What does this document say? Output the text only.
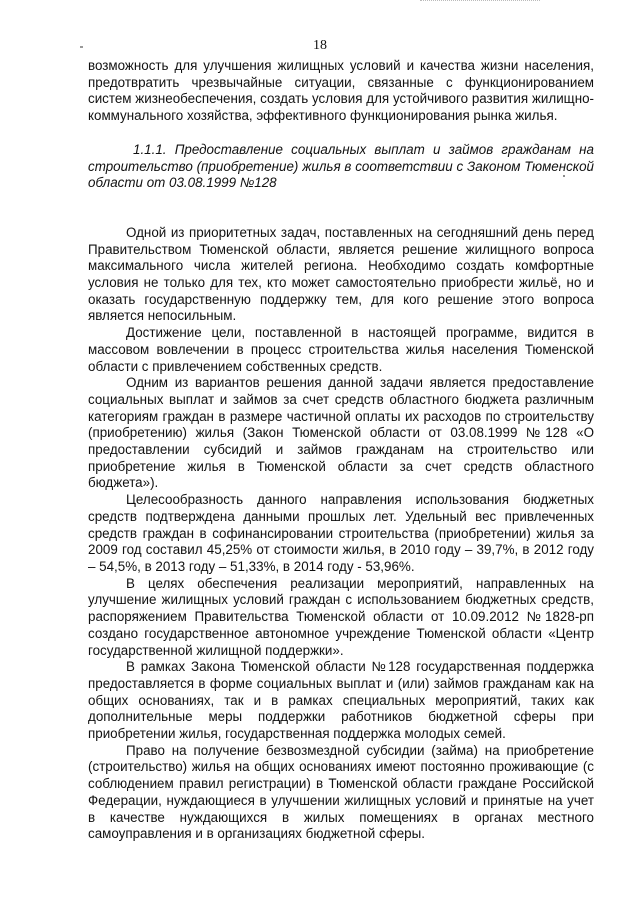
18

возможность для улучшения жилищных условий и качества жизни населения, предотвратить чрезвычайные ситуации, связанные с функционированием систем жизнеобеспечения, создать условия для устойчивого развития жилищно-коммунального хозяйства, эффективного функционирования рынка жилья.

1.1.1. Предоставление социальных выплат и займов гражданам на строительство (приобретение) жилья в соответствии с Законом Тюменской области от 03.08.1999 №128

Одной из приоритетных задач, поставленных на сегодняшний день перед Правительством Тюменской области, является решение жилищного вопроса максимального числа жителей региона. Необходимо создать комфортные условия не только для тех, кто может самостоятельно приобрести жильё, но и оказать государственную поддержку тем, для кого решение этого вопроса является непосильным.

Достижение цели, поставленной в настоящей программе, видится в массовом вовлечении в процесс строительства жилья населения Тюменской области с привлечением собственных средств.

Одним из вариантов решения данной задачи является предоставление социальных выплат и займов за счет средств областного бюджета различным категориям граждан в размере частичной оплаты их расходов по строительству (приобретению) жилья (Закон Тюменской области от 03.08.1999 №128 «О предоставлении субсидий и займов гражданам на строительство или приобретение жилья в Тюменской области за счет средств областного бюджета»).

Целесообразность данного направления использования бюджетных средств подтверждена данными прошлых лет. Удельный вес привлеченных средств граждан в софинансировании строительства (приобретении) жилья за 2009 год составил 45,25% от стоимости жилья, в 2010 году – 39,7%, в 2012 году – 54,5%, в 2013 году – 51,33%, в 2014 году - 53,96%.

В целях обеспечения реализации мероприятий, направленных на улучшение жилищных условий граждан с использованием бюджетных средств, распоряжением Правительства Тюменской области от 10.09.2012 №1828-рп создано государственное автономное учреждение Тюменской области «Центр государственной жилищной поддержки».

В рамках Закона Тюменской области №128 государственная поддержка предоставляется в форме социальных выплат и (или) займов гражданам как на общих основаниях, так и в рамках специальных мероприятий, таких как дополнительные меры поддержки работников бюджетной сферы при приобретении жилья, государственная поддержка молодых семей.

Право на получение безвозмездной субсидии (займа) на приобретение (строительство) жилья на общих основаниях имеют постоянно проживающие (с соблюдением правил регистрации) в Тюменской области граждане Российской Федерации, нуждающиеся в улучшении жилищных условий и принятые на учет в качестве нуждающихся в жилых помещениях в органах местного самоуправления и в организациях бюджетной сферы.
